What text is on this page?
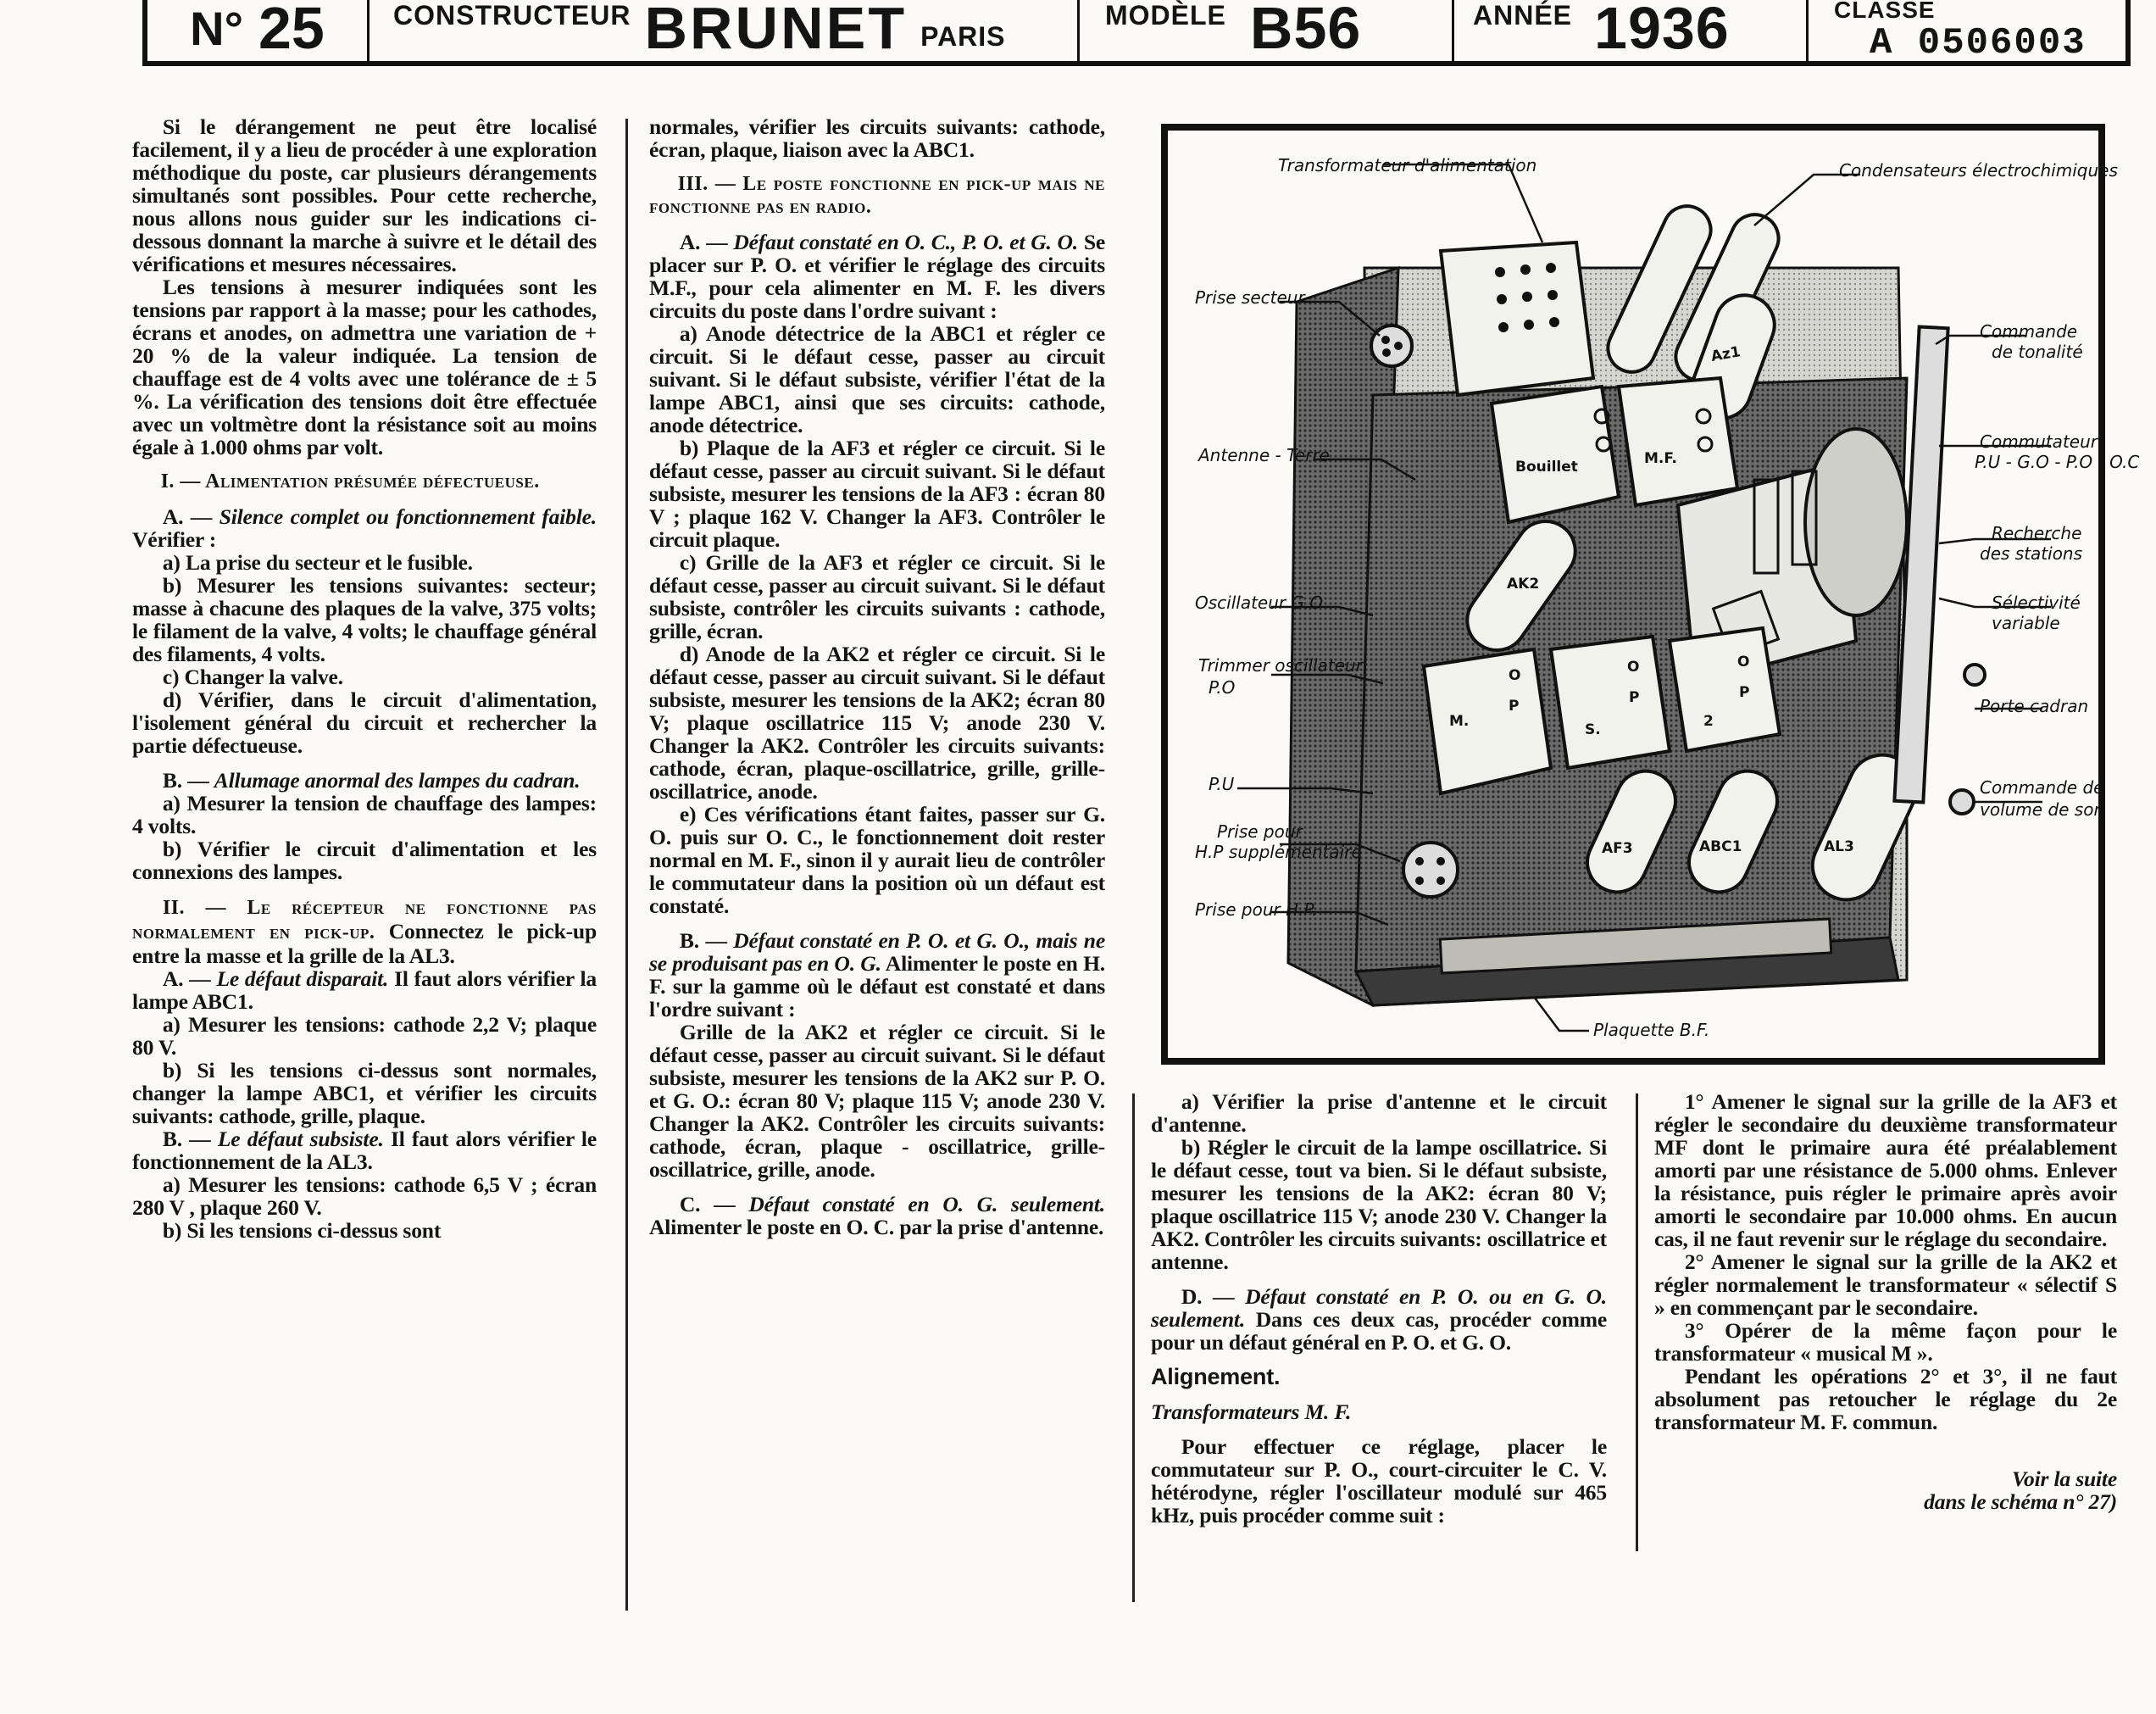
N° 25	CONSTRUCTEUR BRUNET PARIS
MODÈLE B56	ANNÉE 1936	CLASSE
A 0506003

Si le dérangement ne peut être localisé facilement, il y a lieu de procéder à une exploration méthodique du poste, car plusieurs dérangements simultanés sont possibles. Pour cette recherche, nous allons nous guider sur les indications ci-dessous donnant la marche à suivre et le détail des vérifications et mesures nécessaires.

Les tensions à mesurer indiquées sont les tensions par rapport à la masse; pour les cathodes, écrans et anodes, on admettra une variation de + 20 % de la valeur indiquée. La tension de chauffage est de 4 volts avec une tolérance de ± 5 %. La vérification des tensions doit être effectuée avec un voltmètre dont la résistance soit au moins égale à 1.000 ohms par volt.

I. — Alimentation présumée défectueuse.

A. — Silence complet ou fonctionnement faible. Vérifier :

a) La prise du secteur et le fusible.

b) Mesurer les tensions suivantes: secteur; masse à chacune des plaques de la valve, 375 volts; le filament de la valve, 4 volts; le chauffage général des filaments, 4 volts.

c) Changer la valve.

d) Vérifier, dans le circuit d'alimentation, l'isolement général du circuit et rechercher la partie défectueuse.

B. — Allumage anormal des lampes du cadran.

a) Mesurer la tension de chauffage des lampes: 4 volts.

b) Vérifier le circuit d'alimentation et les connexions des lampes.

II. — Le récepteur ne fonctionne pas normalement en pick-up. Connectez le pick-up entre la masse et la grille de la AL3.

A. — Le défaut disparait. Il faut alors vérifier la lampe ABC1.

a) Mesurer les tensions: cathode 2,2 V; plaque 80 V.

b) Si les tensions ci-dessus sont normales, changer la lampe ABC1, et vérifier les circuits suivants: cathode, grille, plaque.

B. — Le défaut subsiste. Il faut alors vérifier le fonctionnement de la AL3.

a) Mesurer les tensions: cathode 6,5 V ; écran 280 V , plaque 260 V.

b) Si les tensions ci-dessus sont

normales, vérifier les circuits suivants: cathode, écran, plaque, liaison avec la ABC1.

III. — Le poste fonctionne en pick-up mais ne fonctionne pas en radio.

A. — Défaut constaté en O. C., P. O. et G. O. Se placer sur P. O. et vérifier le réglage des circuits M.F., pour cela alimenter en M. F. les divers circuits du poste dans l'ordre suivant :

a) Anode détectrice de la ABC1 et régler ce circuit. Si le défaut cesse, passer au circuit suivant. Si le défaut subsiste, vérifier l'état de la lampe ABC1, ainsi que ses circuits: cathode, anode détectrice.

b) Plaque de la AF3 et régler ce circuit. Si le défaut cesse, passer au circuit suivant. Si le défaut subsiste, mesurer les tensions de la AF3 : écran 80 V ; plaque 162 V. Changer la AF3. Contrôler le circuit plaque.

c) Grille de la AF3 et régler ce circuit. Si le défaut cesse, passer au circuit suivant. Si le défaut subsiste, contrôler les circuits suivants : cathode, grille, écran.

d) Anode de la AK2 et régler ce circuit. Si le défaut cesse, passer au circuit suivant. Si le défaut subsiste, mesurer les tensions de la AK2; écran 80 V; plaque oscillatrice 115 V; anode 230 V. Changer la AK2. Contrôler les circuits suivants: cathode, écran, plaque-oscillatrice, grille, grille-oscillatrice, anode.

e) Ces vérifications étant faites, passer sur G. O. puis sur O. C., le fonctionnement doit rester normal en M. F., sinon il y aurait lieu de contrôler le commutateur dans la position où un défaut est constaté.

B. — Défaut constaté en P. O. et G. O., mais ne se produisant pas en O. G. Alimenter le poste en H. F. sur la gamme où le défaut est constaté et dans l'ordre suivant :

Grille de la AK2 et régler ce circuit. Si le défaut cesse, passer au circuit suivant. Si le défaut subsiste, mesurer les tensions de la AK2 sur P. O. et G. O.: écran 80 V; plaque 115 V; anode 230 V. Changer la AK2. Contrôler les circuits suivants: cathode, écran, plaque - oscillatrice, grille-oscillatrice, grille, anode.

C. — Défaut constaté en O. G. seulement. Alimenter le poste en O. C. par la prise d'antenne.

a) Vérifier la prise d'antenne et le circuit d'antenne.

b) Régler le circuit de la lampe oscillatrice. Si le défaut cesse, tout va bien. Si le défaut subsiste, mesurer les tensions de la AK2: écran 80 V; plaque oscillatrice 115 V; anode 230 V. Changer la AK2. Contrôler les circuits suivants: oscillatrice et antenne.

D. — Défaut constaté en P. O. ou en G. O. seulement. Dans ces deux cas, procéder comme pour un défaut général en P. O. et G. O.

Alignement.

Transformateurs M. F.

Pour effectuer ce réglage, placer le commutateur sur P. O., court-circuiter le C. V. hétérodyne, régler l'oscillateur modulé sur 465 kHz, puis procéder comme suit :

1° Amener le signal sur la grille de la AF3 et régler le secondaire du deuxième transformateur MF dont le primaire aura été préalablement amorti par une résistance de 5.000 ohms. Enlever la résistance, puis régler le primaire après avoir amorti le secondaire par 10.000 ohms. En aucun cas, il ne faut revenir sur le réglage du secondaire.

2° Amener le signal sur la grille de la AK2 et régler normalement le transformateur « sélectif S » en commençant par le secondaire.

3° Opérer de la même façon pour le transformateur « musical M ».

Pendant les opérations 2° et 3°, il ne faut absolument pas retoucher le réglage du 2e transformateur M. F. commun.

Voir la suite

dans le schéma n° 27)

Az1
Bouillet	M.F.
AK2
M.	S.	2
O
P
O
P
O
P
AF3	ABC1	AL3
Transformateur d'alimentation	Condensateurs électrochimiques
Prise secteur
Commande
de tonalité
Antenne - Terre
Commutateur
P.U - G.O - P.O - O.C
Recherche
des stations
Oscillateur G.O	Sélectivité
variable
Trimmer oscillateur
P.O
Porte cadran
P.U	Commande de
volume de son
Prise pour
H.P supplémentaire
Prise pour H.P.
Plaquette B.F.
